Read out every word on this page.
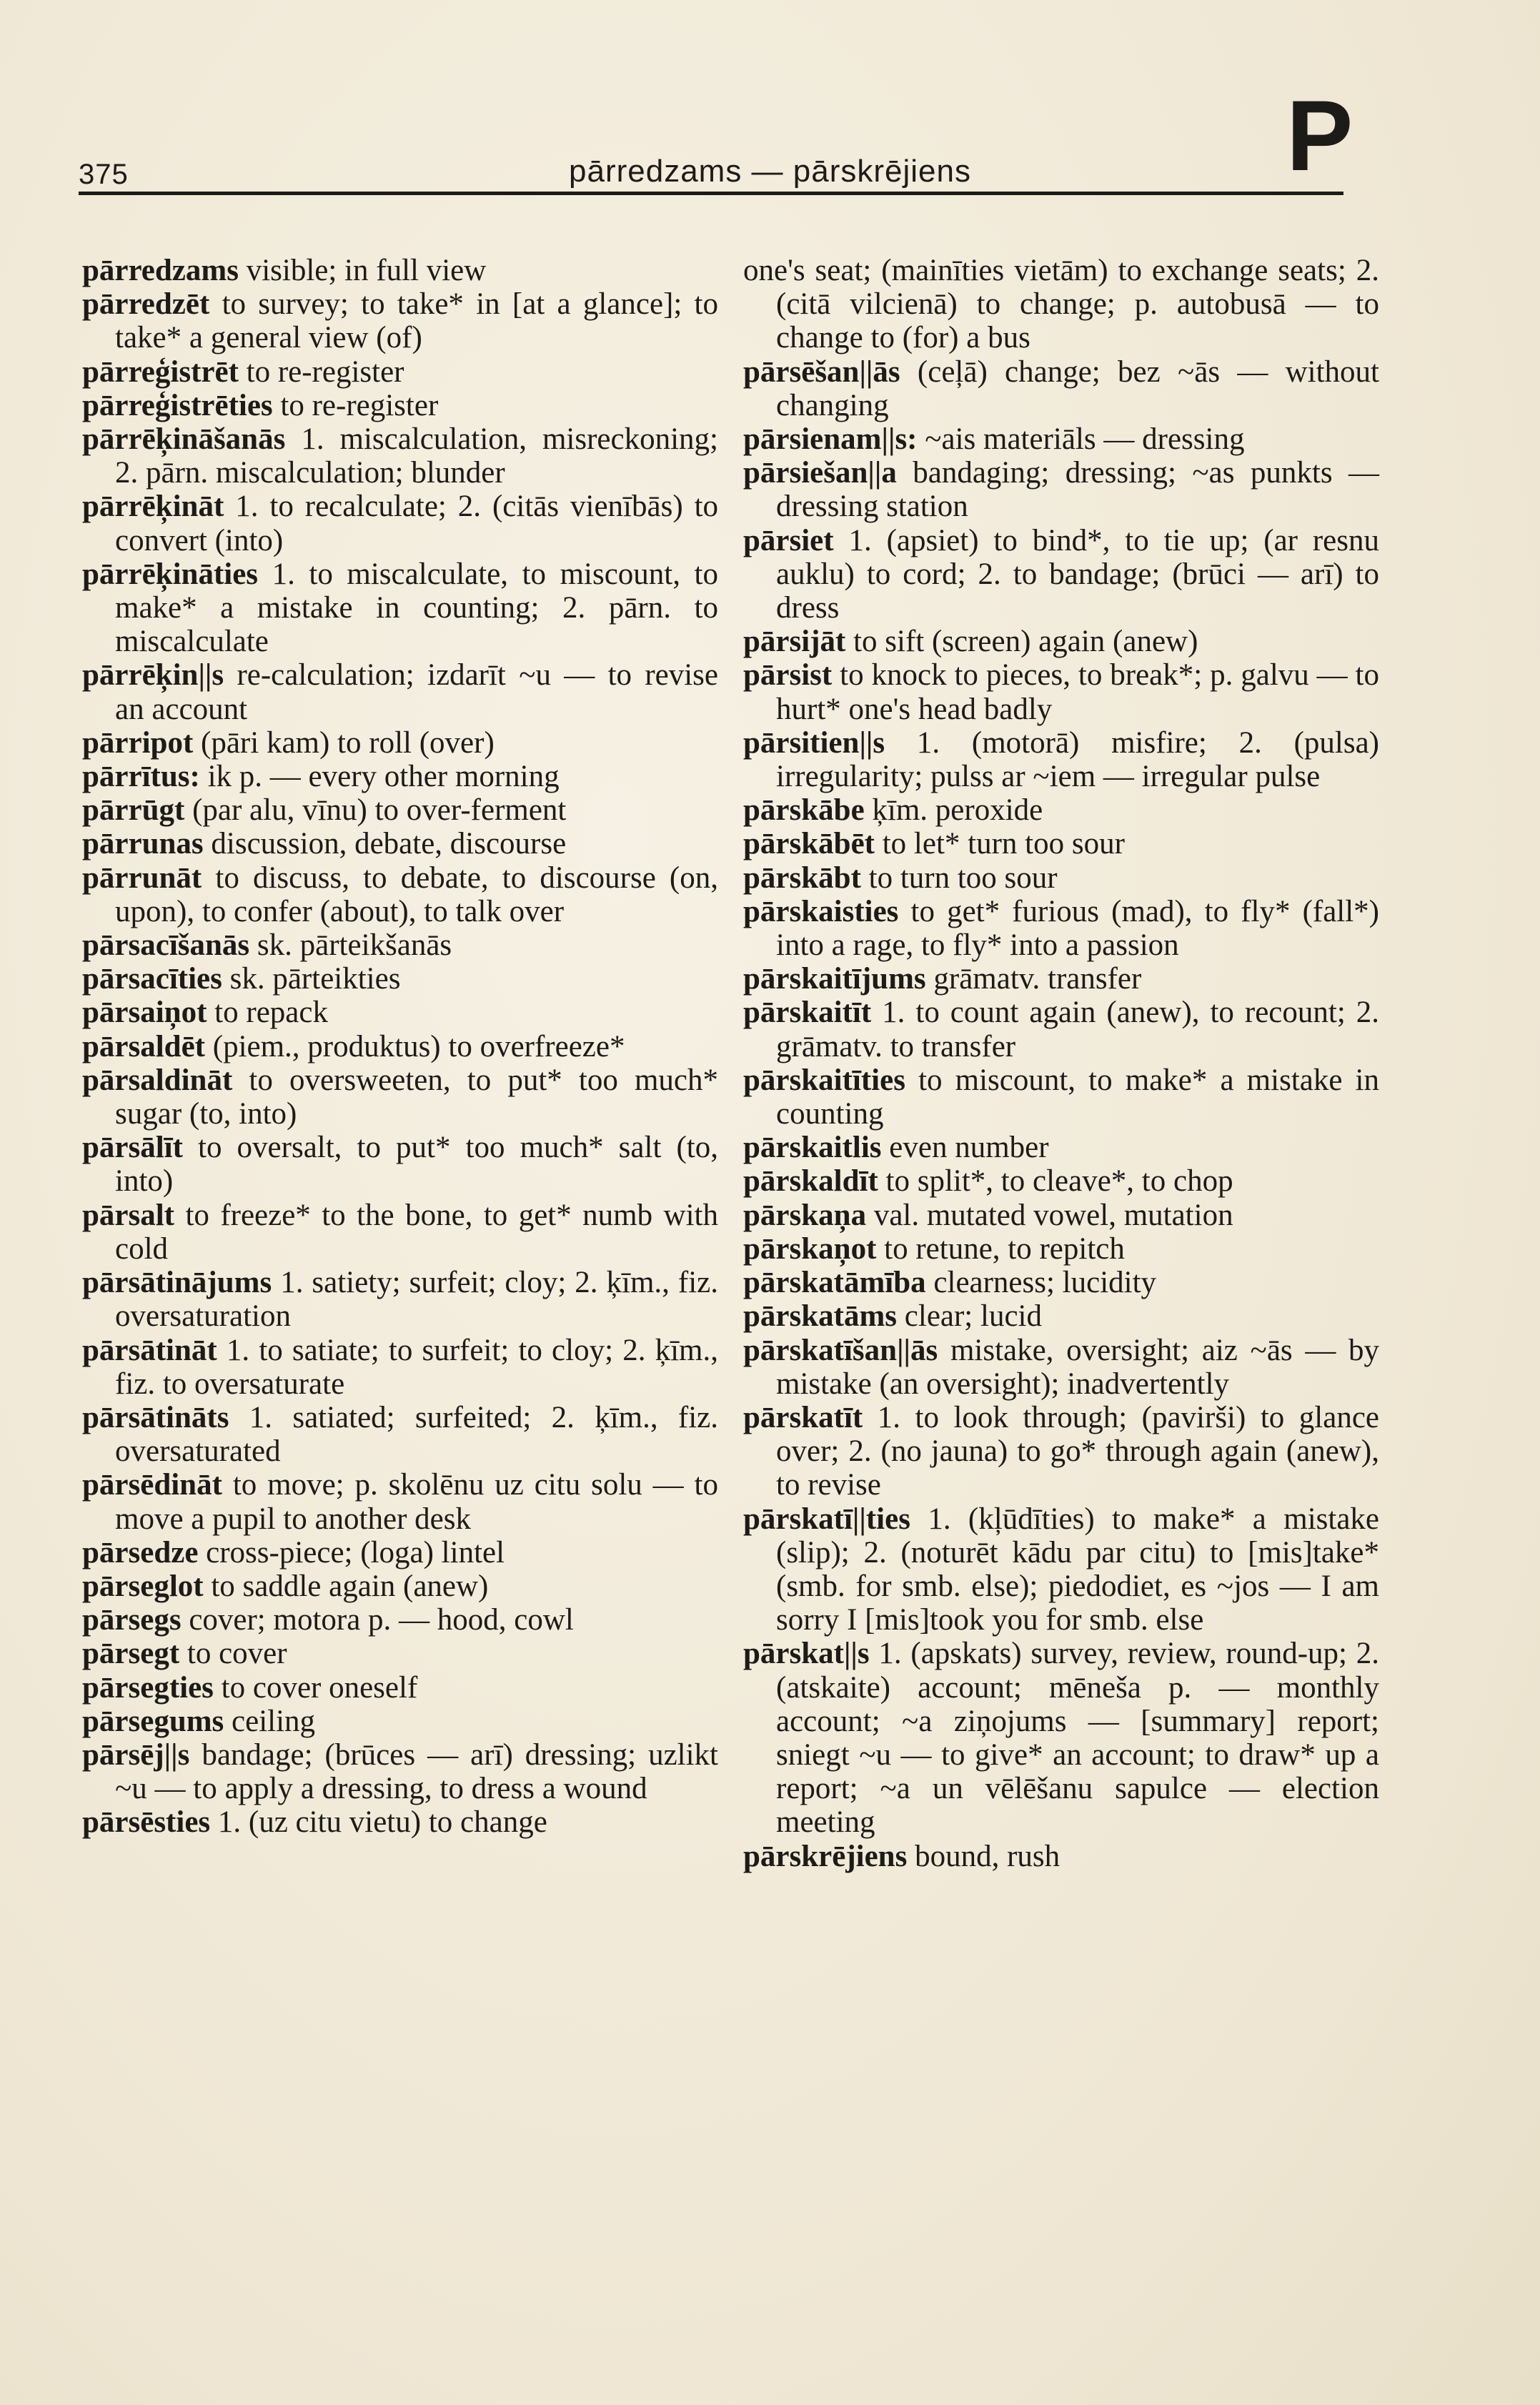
375	pārredzams — pārskrējiens	P
pārredzams visible; in full view
pārredzēt to survey; to take* in [at a glance]; to take* a general view (of)
pārreģistrēt to re-register
pārreģistrēties to re-register
pārrēķināšanās 1. miscalculation, misreckoning; 2. pārn. miscalculation; blunder
pārrēķināt 1. to recalculate; 2. (citās vienībās) to convert (into)
pārrēķināties 1. to miscalculate, to miscount, to make* a mistake in counting; 2. pārn. to miscalculate
pārrēķin||s re-calculation; izdarīt ~u — to revise an account
pārripot (pāri kam) to roll (over)
pārrītus: ik p. — every other morning
pārrūgt (par alu, vīnu) to over-ferment
pārrunas discussion, debate, discourse
pārrunāt to discuss, to debate, to discourse (on, upon), to confer (about), to talk over
pārsacīšanās sk. pārteikšanās
pārsacīties sk. pārteikties
pārsaiņot to repack
pārsaldēt (piem., produktus) to overfreeze*
pārsaldināt to oversweeten, to put* too much* sugar (to, into)
pārsālīt to oversalt, to put* too much* salt (to, into)
pārsalt to freeze* to the bone, to get* numb with cold
pārsātinājums 1. satiety; surfeit; cloy; 2. ķīm., fiz. oversaturation
pārsātināt 1. to satiate; to surfeit; to cloy; 2. ķīm., fiz. to oversaturate
pārsātināts 1. satiated; surfeited; 2. ķīm., fiz. oversaturated
pārsēdināt to move; p. skolēnu uz citu solu — to move a pupil to another desk
pārsedze cross-piece; (loga) lintel
pārseglot to saddle again (anew)
pārsegs cover; motora p. — hood, cowl
pārsegt to cover
pārsegties to cover oneself
pārsegums ceiling
pārsēj||s bandage; (brūces — arī) dressing; uzlikt ~u — to apply a dressing, to dress a wound
pārsēsties 1. (uz citu vietu) to change
one's seat; (mainīties vietām) to exchange seats; 2. (citā vilcienā) to change; p. autobusā — to change to (for) a bus
pārsēšan||ās (ceļā) change; bez ~ās — without changing
pārsienam||s: ~ais materiāls — dressing
pārsiešan||a bandaging; dressing; ~as punkts — dressing station
pārsiet 1. (apsiet) to bind*, to tie up; (ar resnu auklu) to cord; 2. to bandage; (brūci — arī) to dress
pārsijāt to sift (screen) again (anew)
pārsist to knock to pieces, to break*; p. galvu — to hurt* one's head badly
pārsitien||s 1. (motorā) misfire; 2. (pulsa) irregularity; pulss ar ~iem — irregular pulse
pārskābe ķīm. peroxide
pārskābēt to let* turn too sour
pārskābt to turn too sour
pārskaisties to get* furious (mad), to fly* (fall*) into a rage, to fly* into a passion
pārskaitījums grāmatv. transfer
pārskaitīt 1. to count again (anew), to recount; 2. grāmatv. to transfer
pārskaitīties to miscount, to make* a mistake in counting
pārskaitlis even number
pārskaldīt to split*, to cleave*, to chop
pārskaņa val. mutated vowel, mutation
pārskaņot to retune, to repitch
pārskatāmība clearness; lucidity
pārskatāms clear; lucid
pārskatīšan||ās mistake, oversight; aiz ~ās — by mistake (an oversight); inadvertently
pārskatīt 1. to look through; (pavirši) to glance over; 2. (no jauna) to go* through again (anew), to revise
pārskatī||ties 1. (kļūdīties) to make* a mistake (slip); 2. (noturēt kādu par citu) to [mis]take* (smb. for smb. else); piedodiet, es ~jos — I am sorry I [mis]took you for smb. else
pārskat||s 1. (apskats) survey, review, round-up; 2. (atskaite) account; mēneša p. — monthly account; ~a ziņojums — [summary] report; sniegt ~u — to give* an account; to draw* up a report; ~a un vēlēšanu sapulce — election meeting
pārskrējiens bound, rush
